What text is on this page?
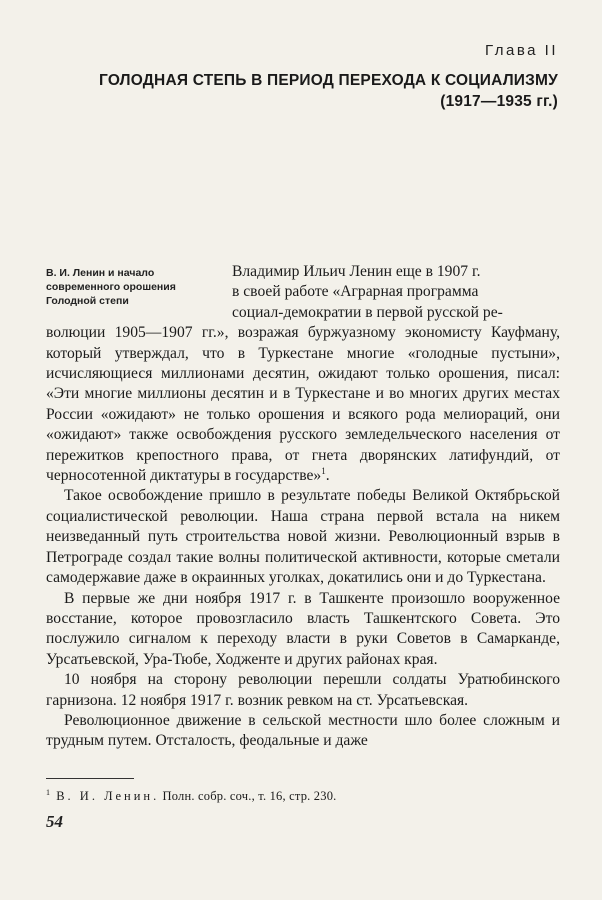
Глава II
ГОЛОДНАЯ СТЕПЬ В ПЕРИОД ПЕРЕХОДА К СОЦИАЛИЗМУ
(1917—1935 гг.)
В. И. Ленин и начало
современного орошения
Голодной степи
Владимир Ильич Ленин еще в 1907 г.
в своей работе «Аграрная программа
социал-демократии в первой русской ре-

волюции 1905—1907 гг.», возражая буржуазному экономисту Кауфману, который утверждал, что в Туркестане многие «голодные пустыни», исчисляющиеся миллионами десятин, ожидают только орошения, писал: «Эти многие миллионы десятин и в Туркестане и во многих других местах России «ожидают» не только орошения и всякого рода мелиораций, они «ожидают» также освобождения русского земледельческого населения от пережитков крепостного права, от гнета дворянских латифундий, от черносотенной диктатуры в государстве»$^1$.

Такое освобождение пришло в результате победы Великой Октябрьской социалистической революции. Наша страна первой встала на никем неизведанный путь строительства новой жизни. Революционный взрыв в Петрограде создал такие волны политической активности, которые сметали самодержавие даже в окраинных уголках, докатились они и до Туркестана.

В первые же дни ноября 1917 г. в Ташкенте произошло вооруженное восстание, которое провозгласило власть Ташкентского Совета. Это послужило сигналом к переходу власти в руки Советов в Самарканде, Урсатьевской, Ура-Тюбе, Ходженте и других районах края.

10 ноября на сторону революции перешли солдаты Уратюбинского гарнизона. 12 ноября 1917 г. возник ревком на ст. Урсатьевская.

Революционное движение в сельской местности шло более сложным и трудным путем. Отсталость, феодальные и даже

$^1$ В. И. Ленин. Полн. собр. соч., т. 16, стр. 230.
54
